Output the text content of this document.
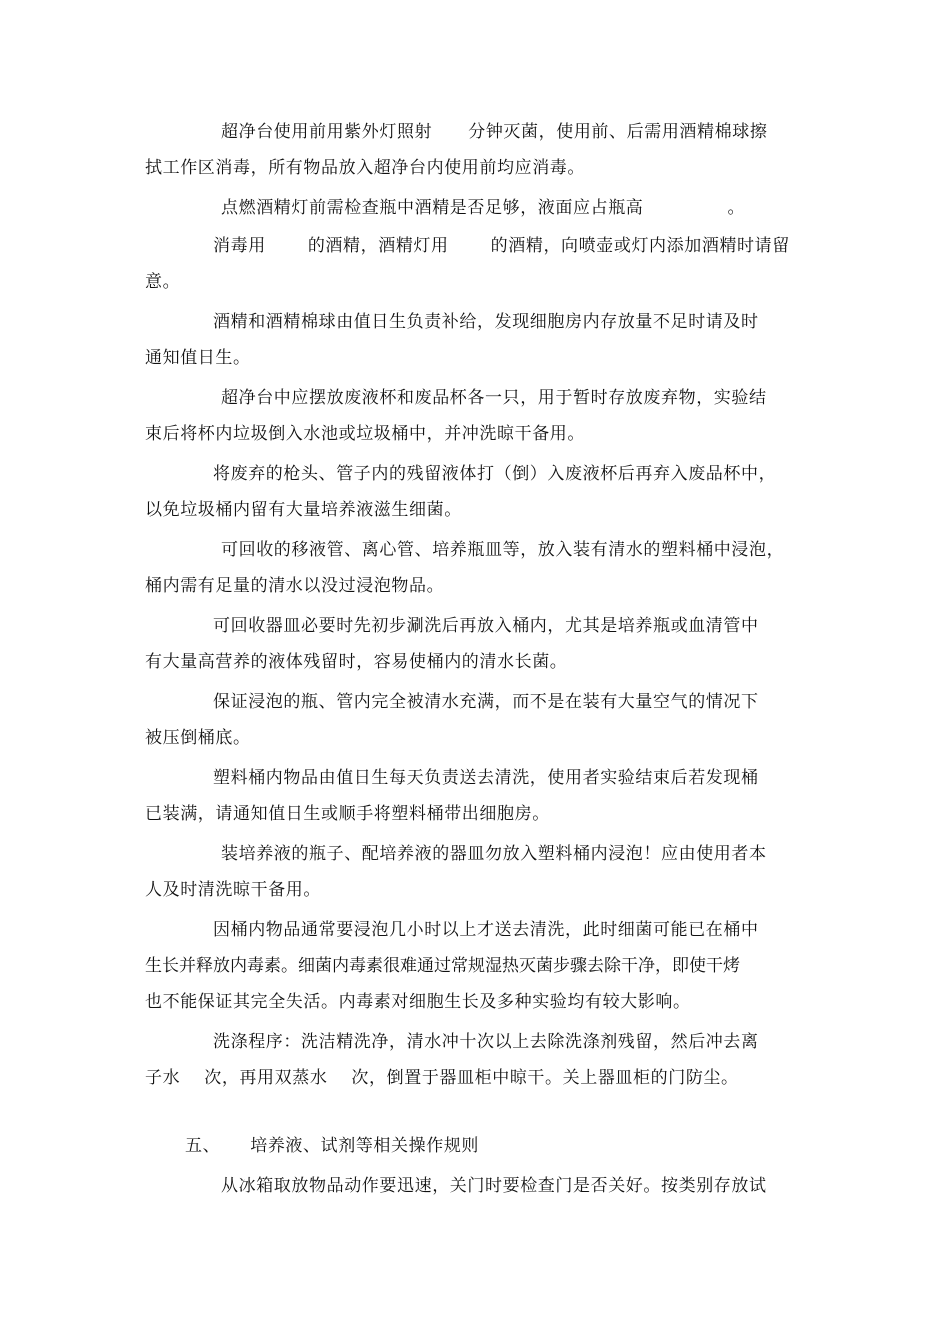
超净台使用前用紫外灯照射      分钟灭菌，使用前、后需用酒精棉球擦
拭工作区消毒，所有物品放入超净台内使用前均应消毒。
点燃酒精灯前需检查瓶中酒精是否足够，液面应占瓶高              。
消毒用       的酒精，酒精灯用       的酒精，向喷壶或灯内添加酒精时请留
意。
酒精和酒精棉球由值日生负责补给，发现细胞房内存放量不足时请及时
通知值日生。
超净台中应摆放废液杯和废品杯各一只，用于暂时存放废弃物，实验结
束后将杯内垃圾倒入水池或垃圾桶中，并冲洗晾干备用。
将废弃的枪头、管子内的残留液体打（倒）入废液杯后再弃入废品杯中，
以免垃圾桶内留有大量培养液滋生细菌。
可回收的移液管、离心管、培养瓶皿等，放入装有清水的塑料桶中浸泡，
桶内需有足量的清水以没过浸泡物品。
可回收器皿必要时先初步涮洗后再放入桶内，尤其是培养瓶或血清管中
有大量高营养的液体残留时，容易使桶内的清水长菌。
保证浸泡的瓶、管内完全被清水充满，而不是在装有大量空气的情况下
被压倒桶底。
塑料桶内物品由值日生每天负责送去清洗，使用者实验结束后若发现桶
已装满，请通知值日生或顺手将塑料桶带出细胞房。
装培养液的瓶子、配培养液的器皿勿放入塑料桶内浸泡！应由使用者本
人及时清洗晾干备用。
因桶内物品通常要浸泡几小时以上才送去清洗，此时细菌可能已在桶中
生长并释放内毒素。细菌内毒素很难通过常规湿热灭菌步骤去除干净，即使干烤
也不能保证其完全失活。内毒素对细胞生长及多种实验均有较大影响。
洗涤程序：洗洁精洗净，清水冲十次以上去除洗涤剂残留，然后冲去离
子水    次，再用双蒸水    次，倒置于器皿柜中晾干。关上器皿柜的门防尘。
五、     培养液、试剂等相关操作规则
从冰箱取放物品动作要迅速，关门时要检查门是否关好。按类别存放试
